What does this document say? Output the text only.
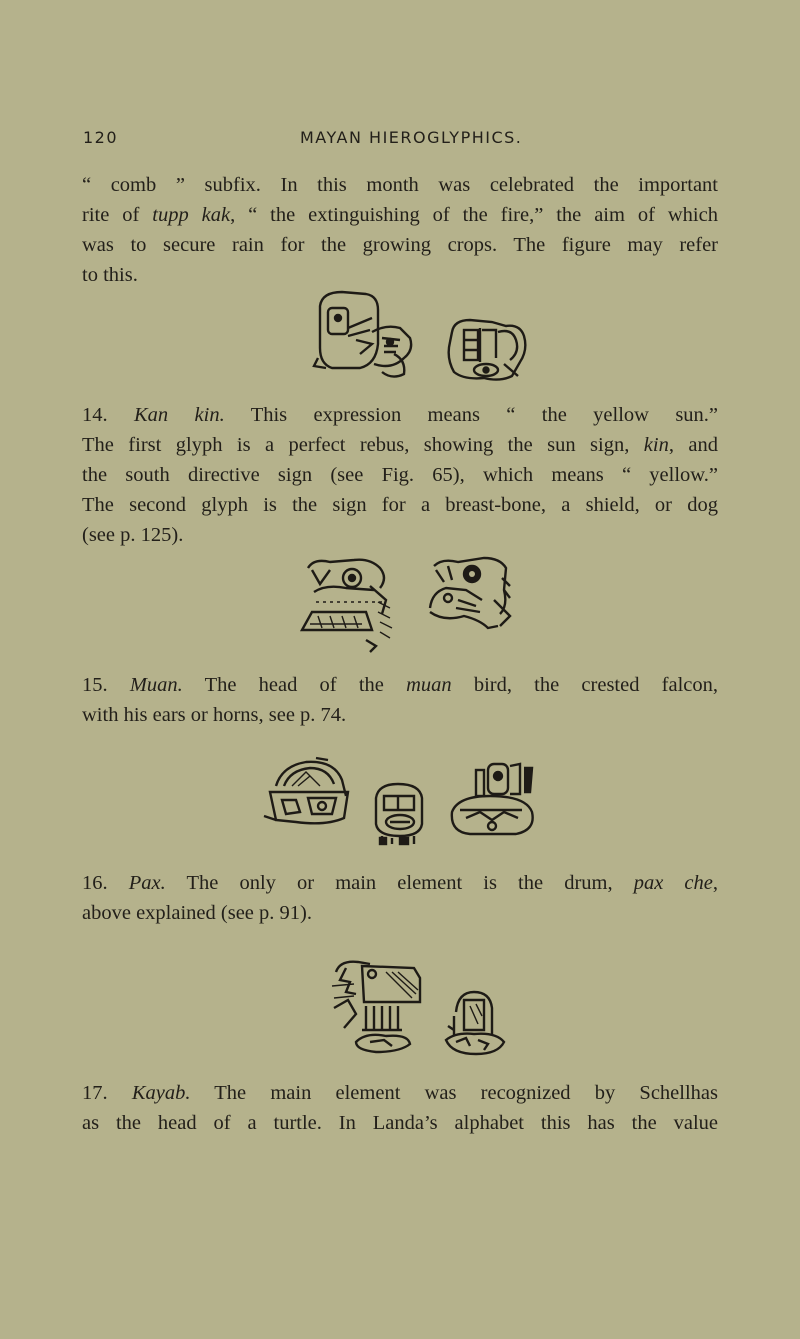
120	MAYAN HIEROGLYPHICS.
“ comb ” subfix. In this month was celebrated the important
rite of tupp kak, “ the extinguishing of the fire,” the aim of which
was to secure rain for the growing crops. The figure may refer
to this.
14. Kan kin. This expression means “ the yellow sun.”
The first glyph is a perfect rebus, showing the sun sign, kin, and
the south directive sign (see Fig. 65), which means “ yellow.”
The second glyph is the sign for a breast-bone, a shield, or dog
(see p. 125).
15. Muan. The head of the muan bird, the crested falcon,
with his ears or horns, see p. 74.
16. Pax. The only or main element is the drum, pax che,
above explained (see p. 91).
17. Kayab. The main element was recognized by Schellhas
as the head of a turtle. In Landa’s alphabet this has the value
